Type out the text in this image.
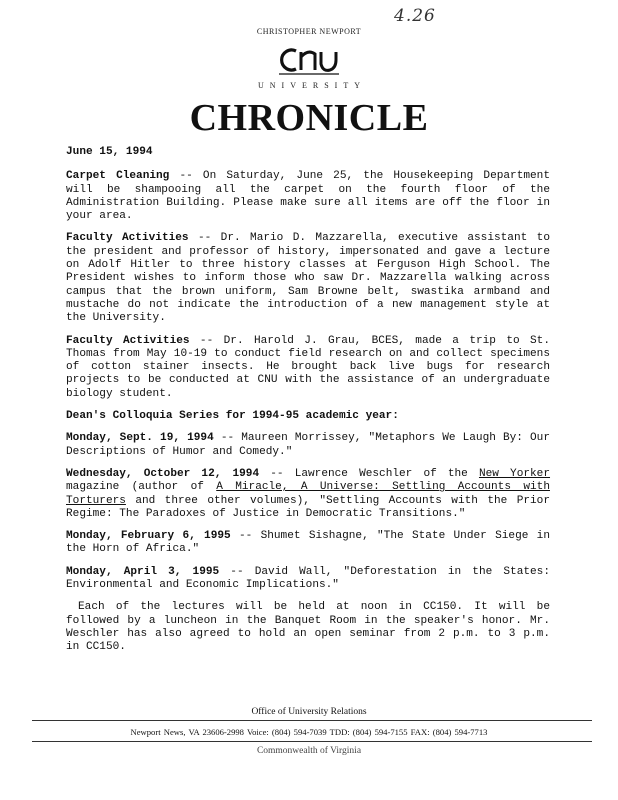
4.26
CHRISTOPHER NEWPORT
UNIVERSITY
CHRONICLE
June 15, 1994

Carpet Cleaning -- On Saturday, June 25, the Housekeeping Department will be shampooing all the carpet on the fourth floor of the Administration Building. Please make sure all items are off the floor in your area.

Faculty Activities -- Dr. Mario D. Mazzarella, executive assistant to the president and professor of history, impersonated and gave a lecture on Adolf Hitler to three history classes at Ferguson High School. The President wishes to inform those who saw Dr. Mazzarella walking across campus that the brown uniform, Sam Browne belt, swastika armband and mustache do not indicate the introduction of a new management style at the University.

Faculty Activities -- Dr. Harold J. Grau, BCES, made a trip to St. Thomas from May 10-19 to conduct field research on and collect specimens of cotton stainer insects. He brought back live bugs for research projects to be conducted at CNU with the assistance of an undergraduate biology student.

Dean's Colloquia Series for 1994-95 academic year:

Monday, Sept. 19, 1994 -- Maureen Morrissey, "Metaphors We Laugh By: Our Descriptions of Humor and Comedy."

Wednesday, October 12, 1994 -- Lawrence Weschler of the New Yorker magazine (author of A Miracle, A Universe: Settling Accounts with Torturers and three other volumes), "Settling Accounts with the Prior Regime: The Paradoxes of Justice in Democratic Transitions."

Monday, February 6, 1995 -- Shumet Sishagne, "The State Under Siege in the Horn of Africa."

Monday, April 3, 1995 -- David Wall, "Deforestation in the States: Environmental and Economic Implications."

Each of the lectures will be held at noon in CC150. It will be followed by a luncheon in the Banquet Room in the speaker's honor. Mr. Weschler has also agreed to hold an open seminar from 2 p.m. to 3 p.m. in CC150.

Office of University Relations
Newport News, VA 23606-2998 Voice: (804) 594-7039 TDD: (804) 594-7155 FAX: (804) 594-7713
Commonwealth of Virginia
